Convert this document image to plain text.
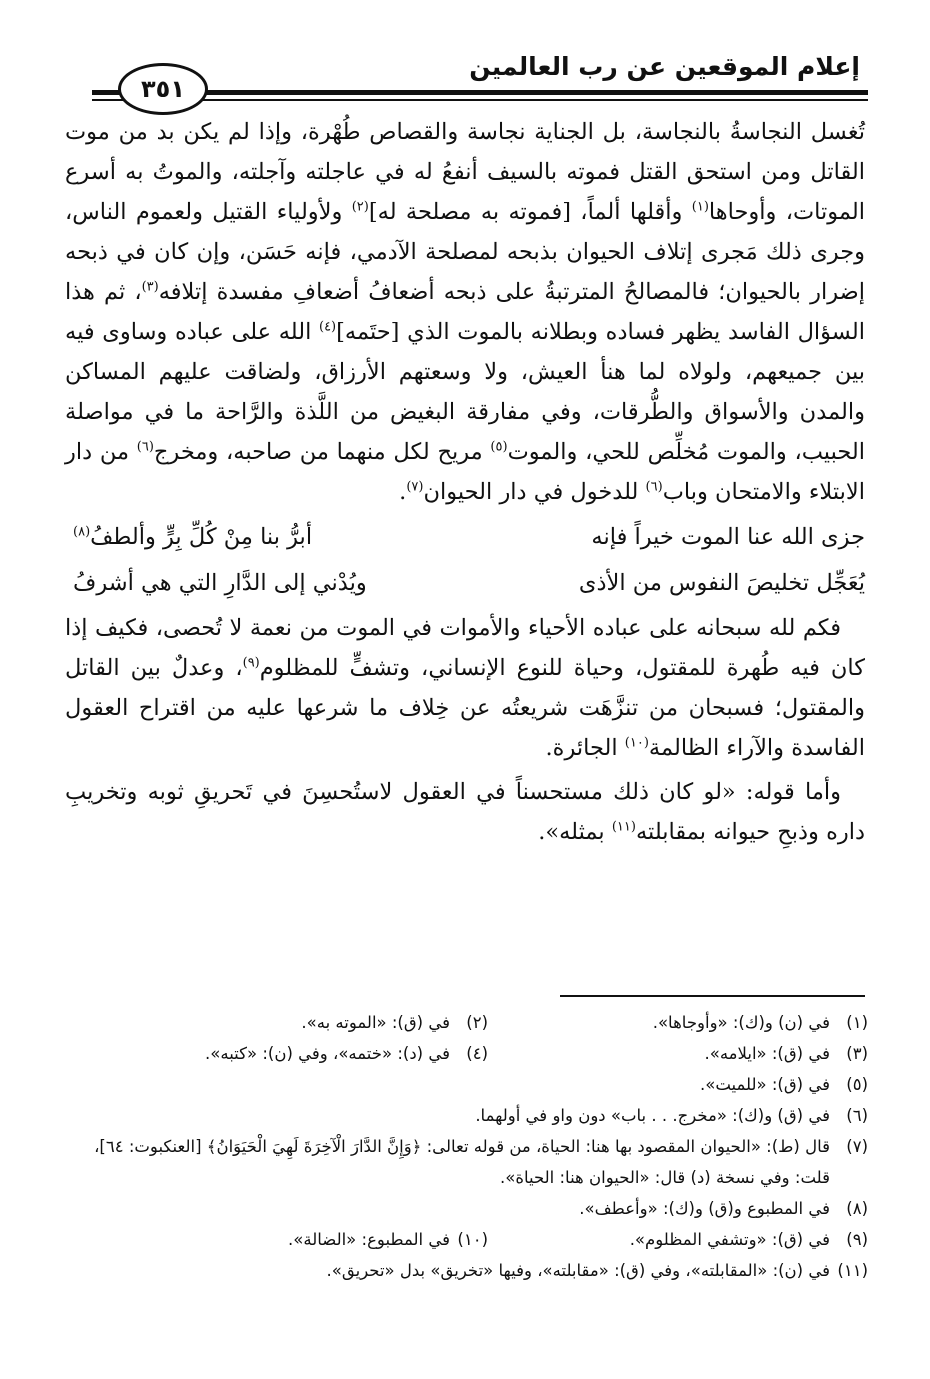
إعلام الموقعين عن رب العالمين
٣٥١

تُغسل النجاسةُ بالنجاسة، بل الجناية نجاسة والقصاص طُهْرة، وإذا لم يكن بد من موت القاتل ومن استحق القتل فموته بالسيف أنفعُ له في عاجلته وآجلته، والموتُ به أسرع الموتات، وأوحاها$^{(١)}$ وأقلها ألماً، [فموته به مصلحة له]$^{(٢)}$ ولأولياء القتيل ولعموم الناس، وجرى ذلك مَجرى إتلاف الحيوان بذبحه لمصلحة الآدمي، فإنه حَسَن، وإن كان في ذبحه إضرار بالحيوان؛ فالمصالحُ المترتبةُ على ذبحه أضعافُ أضعافِ مفسدة إتلافه$^{(٣)}$، ثم هذا السؤال الفاسد يظهر فساده وبطلانه بالموت الذي [حتَمه]$^{(٤)}$ الله على عباده وساوى فيه بين جميعهم، ولولاه لما هنأ العيش، ولا وسعتهم الأرزاق، ولضاقت عليهم المساكن والمدن والأسواق والطُّرقات، وفي مفارقة البغيض من اللَّذة والرَّاحة ما في مواصلة الحبيب، والموت مُخلِّص للحي، والموت$^{(٥)}$ مريح لكل منهما من صاحبه، ومخرج$^{(٦)}$ من دار الابتلاء والامتحان وباب$^{(٦)}$ للدخول في دار الحيوان$^{(٧)}$.

جزى الله عنا الموت خيراً فإنه
أبرُّ بنا مِنْ كُلِّ بِرٍّ وألطفُ$^{(٨)}$
يُعَجِّل تخليصَ النفوس من الأذى
ويُدْني إلى الدَّارِ التي هي أشرفُ

فكم لله سبحانه على عباده الأحياء والأموات في الموت من نعمة لا تُحصى، فكيف إذا كان فيه طُهرة للمقتول، وحياة للنوع الإنساني، وتشفٍّ للمظلوم$^{(٩)}$، وعدلٌ بين القاتل والمقتول؛ فسبحان من تنزَّهَت شريعتُه عن خِلاف ما شرعها عليه من اقتراح العقول الفاسدة والآراء الظالمة$^{(١٠)}$ الجائرة.

وأما قوله: «لو كان ذلك مستحسناً في العقول لاستُحسِنَ في تَحريقِ ثوبه وتخريبِ داره وذبحِ حيوانه بمقابلته$^{(١١)}$ بمثله».

(١)
في (ن) و(ك): «وأوجاها».
(٢)
في (ق): «الموته به».
(٣)
في (ق): «ايلامه».
(٤)
في (د): «ختمه»، وفي (ن): «كتبه».
(٥)
في (ق): «للميت».
(٦)
في (ق) و(ك): «مخرج. . . باب» دون واو في أولهما.
(٧)
قال (ط): «الحيوان المقصود بها هنا: الحياة، من قوله تعالى: ﴿وَإِنَّ الدَّارَ الْآخِرَةَ لَهِيَ الْحَيَوَانُ﴾ [العنكبوت: ٦٤]، قلت: وفي نسخة (د) قال: «الحيوان هنا: الحياة».
(٨)
في المطبوع و(ق) و(ك): «وأعطف».
(٩)
في (ق): «وتشفي المظلوم».
(١٠)
في المطبوع: «الضالة».
(١١)
في (ن): «المقابلته»، وفي (ق): «مقابلته»، وفيها «تخريق» بدل «تحريق».
